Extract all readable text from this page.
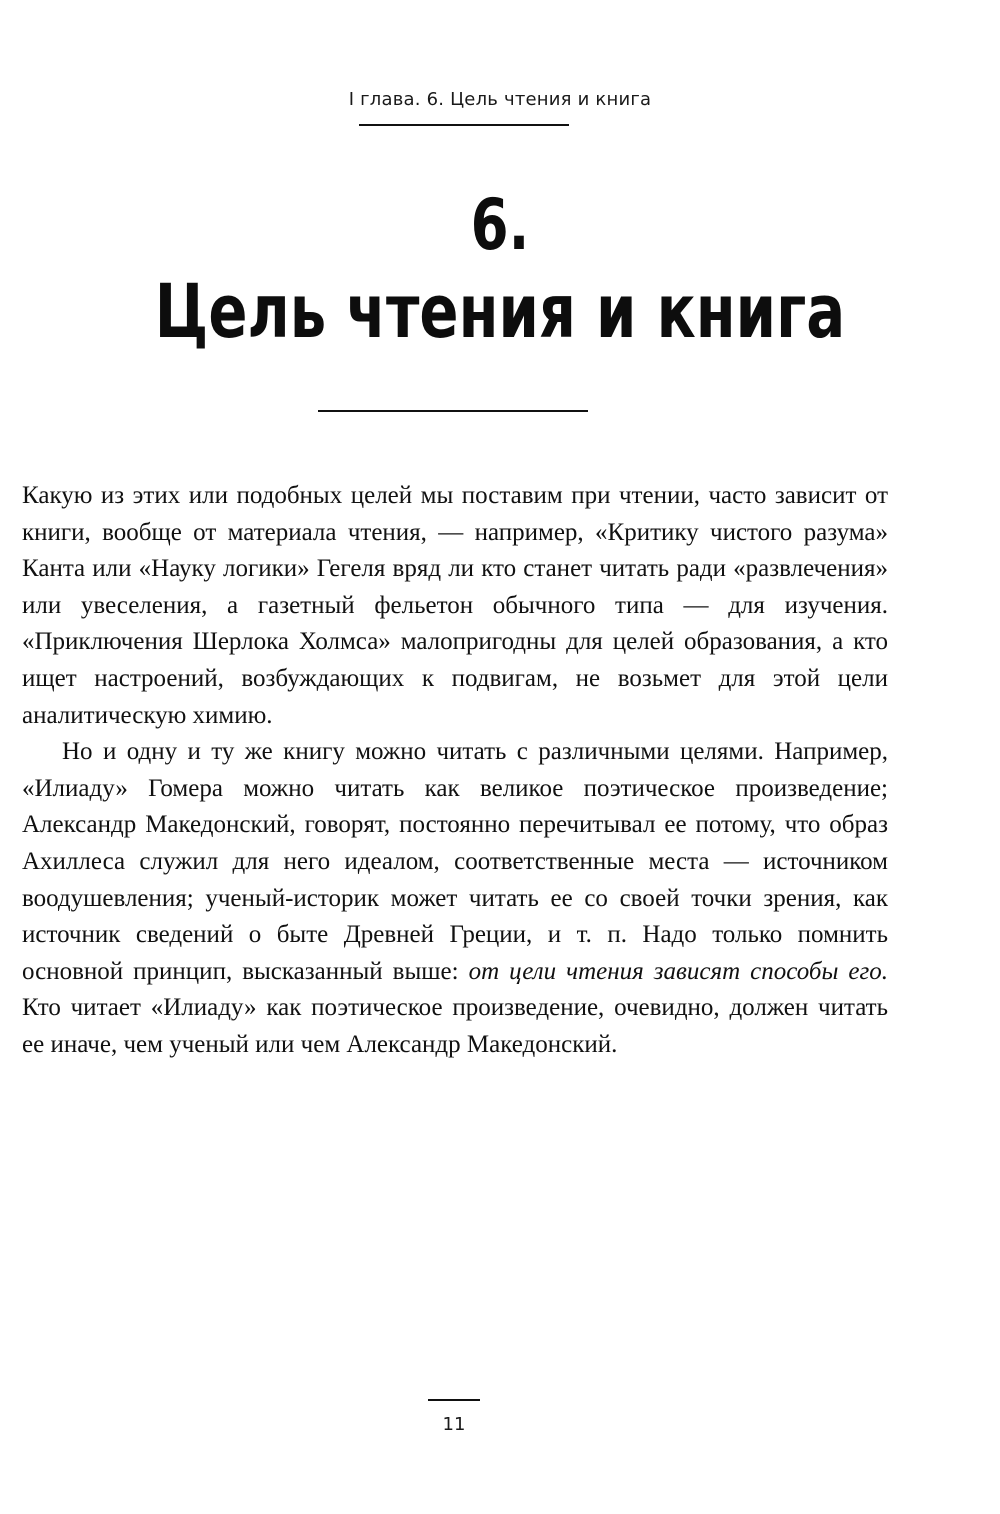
I глава. 6. Цель чтения и книга
6.
Цель чтения и книга

Какую из этих или подобных целей мы поставим при чтении, часто зависит от книги, вообще от материала чтения, — например, «Критику чистого разума» Канта или «Науку логики» Гегеля вряд ли кто станет читать ради «развлечения» или увеселения, а газетный фельетон обычного типа — для изучения. «Приключения Шерлока Холмса» малопригодны для целей образования, а кто ищет настроений, возбуждающих к подвигам, не возьмет для этой цели аналитическую химию.

Но и одну и ту же книгу можно читать с различными целями. Например, «Илиаду» Гомера можно читать как великое поэтическое произведение; Александр Македонский, говорят, постоянно перечитывал ее потому, что образ Ахиллеса служил для него идеалом, соответственные места — источником воодушевления; ученый-историк может читать ее со своей точки зрения, как источник сведений о быте Древней Греции, и т. п. Надо только помнить основной принцип, высказанный выше: от цели чтения зависят способы его. Кто читает «Илиаду» как поэтическое произведение, очевидно, должен читать ее иначе, чем ученый или чем Александр Македонский.

11
